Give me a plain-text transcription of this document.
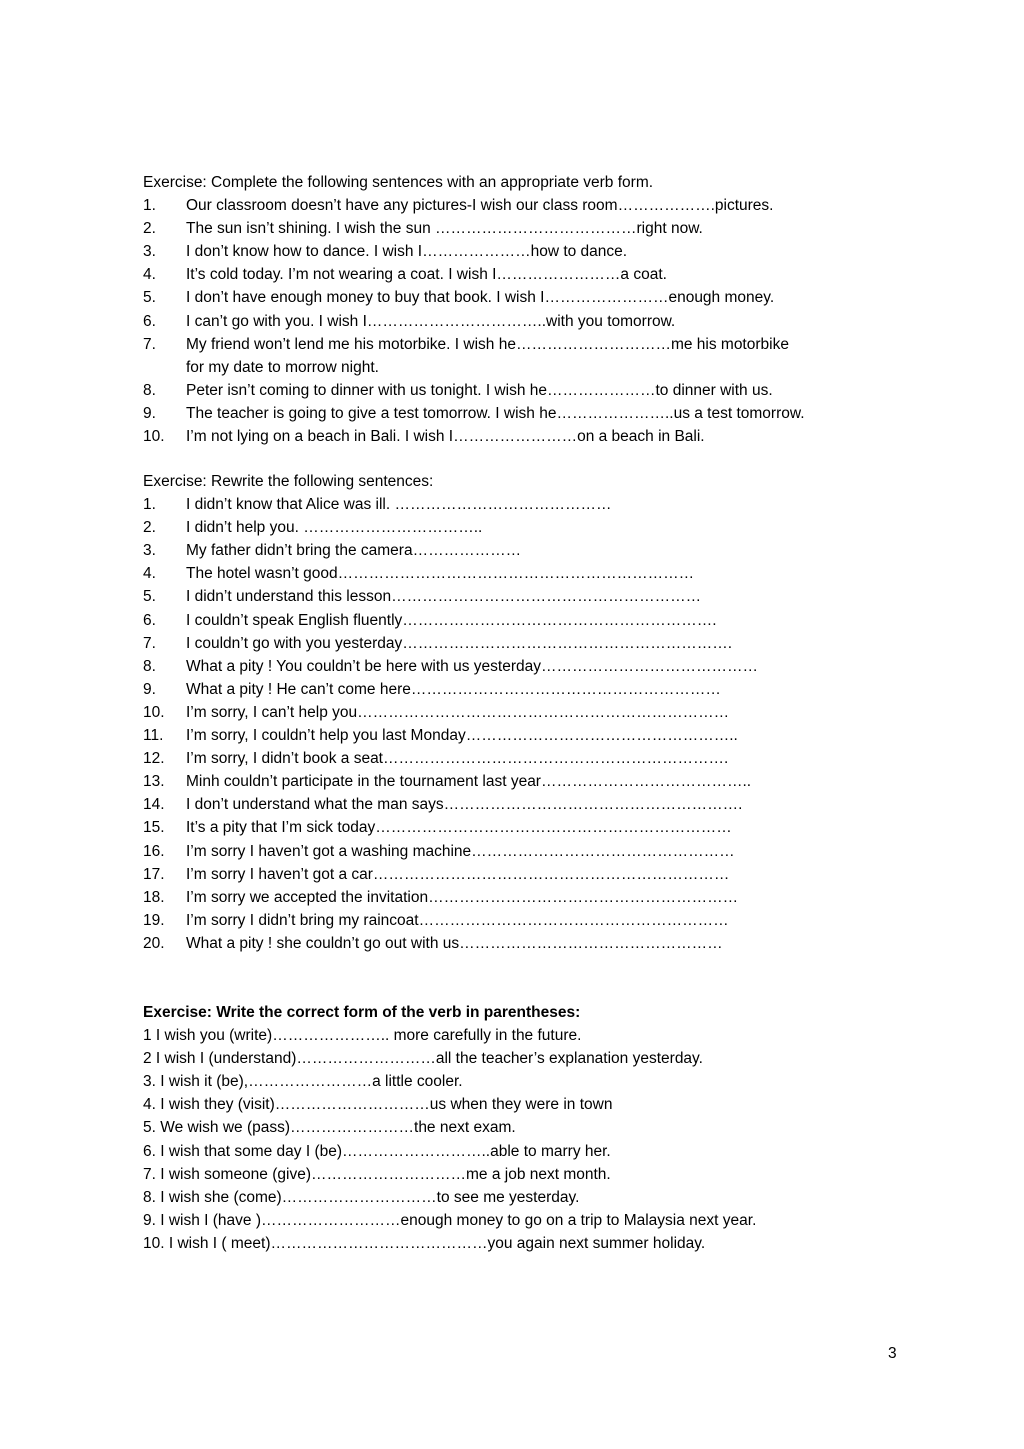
Exercise: Complete the following sentences with an appropriate verb form.
1. Our classroom doesn’t have any pictures-I wish our class room……………….pictures.
2. The sun isn’t shining. I wish the sun …………………………………right now.
3. I don’t know how to dance. I wish I…………………how to dance.
4. It’s cold today. I’m not wearing a coat. I wish I……………………a coat.
5. I don’t have enough money to buy that book. I wish I……………………enough money.
6. I can’t go with you. I wish I……………………………..with you tomorrow.
7. My friend won’t lend me his motorbike. I wish he…………………………me his motorbike
for my date to morrow night.
8. Peter isn’t coming to dinner with us tonight. I wish he…………………to dinner with us.
9. The teacher is going to give a test tomorrow. I wish he…………………..us a test tomorrow.
10. I’m not lying on a beach in Bali. I wish I……………………on a beach in Bali.
Exercise: Rewrite the following sentences:
1. I didn’t know that Alice was ill. ……………………………………
2. I didn’t help you. ……………………………..
3. My father didn’t bring the camera…………………
4. The hotel wasn’t good……………………………………………………………
5. I didn’t understand this lesson……………………………………………………
6. I couldn’t speak English fluently…………………………………………………….
7. I couldn’t go with you yesterday……………………………………………………….
8. What a pity ! You couldn’t be here with us yesterday……………………………………
9. What a pity ! He can’t come here……………………………………………………
10. I’m sorry, I can’t help you………………………………………………………………
11. I’m sorry, I couldn’t help you last Monday……………………………………………..
12. I’m sorry, I didn’t book a seat………………………………………………………….
13. Minh couldn’t participate in the tournament last year…………………………………..
14. I don’t understand what the man says………………………………………………….
15. It’s a pity that I’m sick today……………………………………………………………
16. I’m sorry I haven’t got a washing machine……………………………………………
17. I’m sorry I haven’t got a car……………………………………………………………
18. I’m sorry we accepted the invitation……………………………………………………
19. I’m sorry I didn’t bring my raincoat……………………………………………………
20. What a pity ! she couldn’t go out with us……………………………………………
Exercise: Write the correct form of the verb in parentheses:
1 I wish you (write)………………….. more carefully in the future.
2 I wish I (understand)………………………all the teacher’s explanation yesterday.
3. I wish it (be),……………………a little cooler.
4. I wish they (visit)…………………………us when they were in town
5. We wish we (pass)……………………the next exam.
6. I wish that some day I (be)………………………..able to marry her.
7. I wish someone (give)…………………………me a job next month.
8. I wish she (come)…………………………to see me yesterday.
9. I wish I (have )………………………enough money to go on a trip to Malaysia next year.
10. I wish I ( meet)……………………………………you again next summer holiday.
3
